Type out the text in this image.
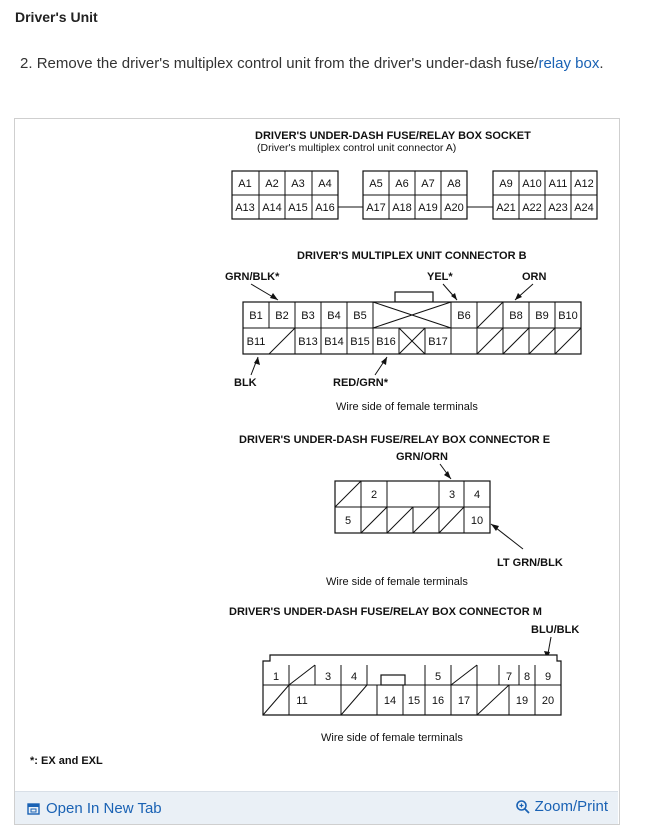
Driver's Unit
2. Remove the driver's multiplex control unit from the driver's under-dash fuse/relay box.
DRIVER'S UNDER-DASH FUSE/RELAY BOX SOCKET
(Driver's multiplex control unit connector A)
A1 A2 A3 A4	A5 A6 A7 A8	A9 A10 A11 A12
A13 A14 A15 A16	A17 A18 A19 A20	A21 A22 A23 A24
DRIVER'S MULTIPLEX UNIT CONNECTOR B
GRN/BLK*	YEL*	ORN
B1 B2 B3 B4 B5	B6	B8 B9 B10
B11	B13 B14 B15 B16	B17
BLK	RED/GRN*
Wire side of female terminals
DRIVER'S UNDER-DASH FUSE/RELAY BOX CONNECTOR E
GRN/ORN
2	3 4
5	10
LT GRN/BLK
Wire side of female terminals
DRIVER'S UNDER-DASH FUSE/RELAY BOX CONNECTOR M
BLU/BLK
1	3 4	5	7 8 9
11	14 15 16 17	19 20
Wire side of female terminals
*: EX and EXL
Open In New Tab	Zoom/Print
